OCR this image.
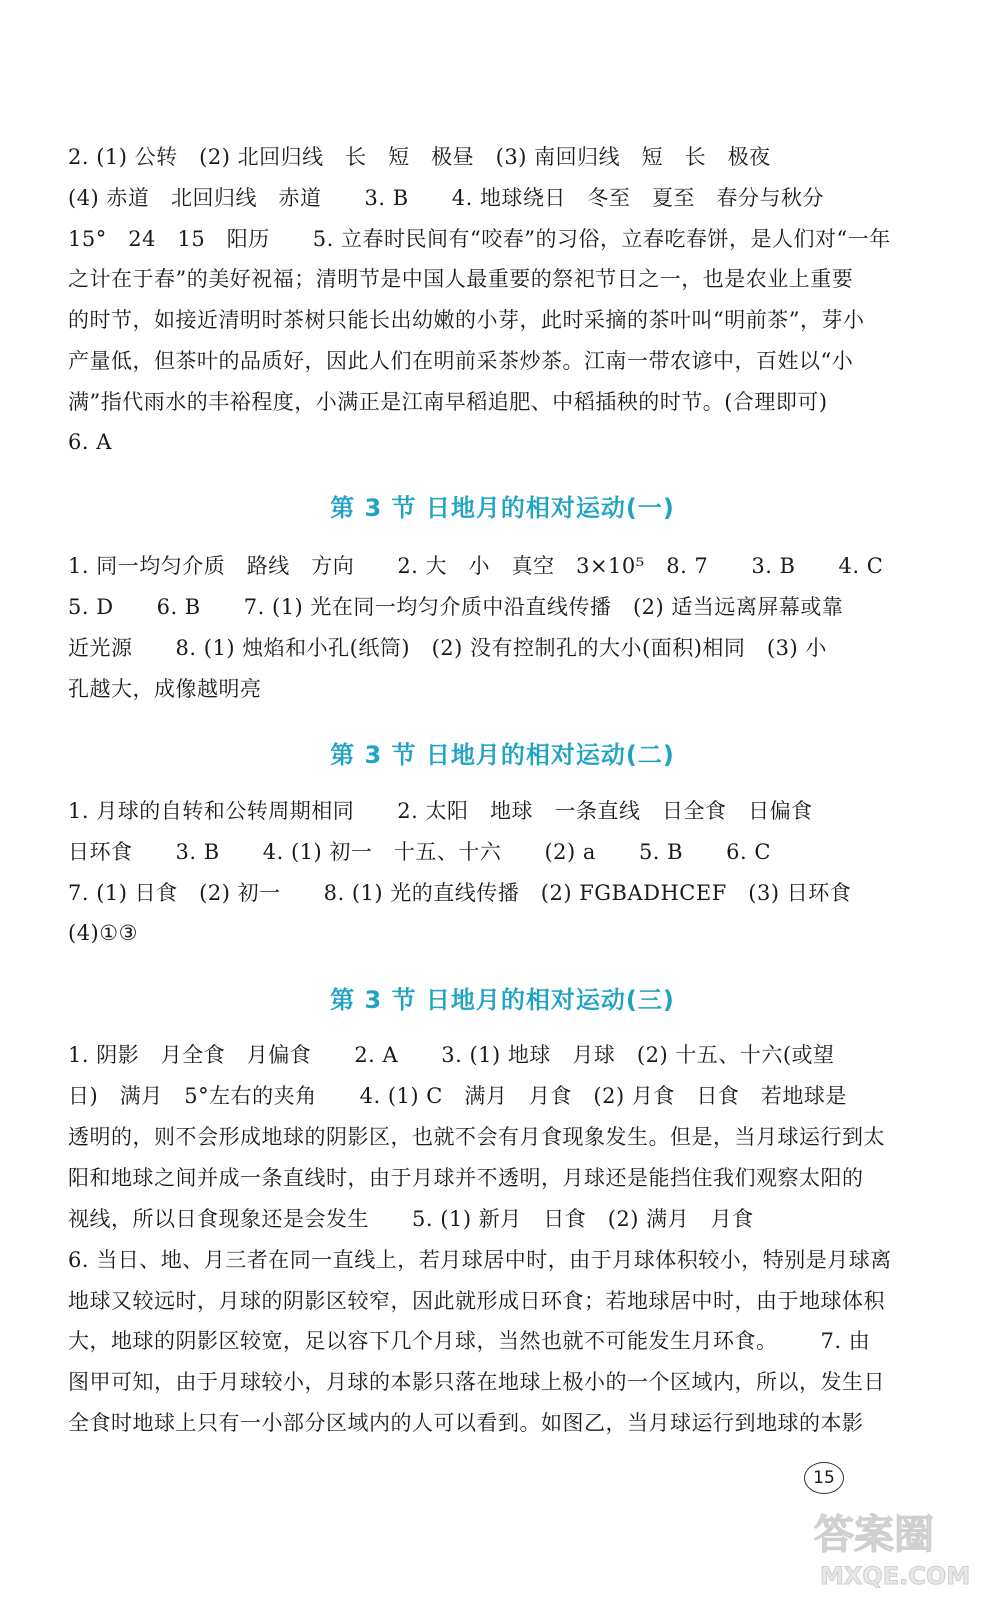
2. (1) 公转   (2) 北回归线   长   短   极昼   (3) 南回归线   短   长   极夜
(4) 赤道   北回归线   赤道      3. B      4. 地球绕日   冬至   夏至   春分与秋分
15°   24   15   阳历      5. 立春时民间有“咬春”的习俗，立春吃春饼，是人们对“一年
之计在于春”的美好祝福；清明节是中国人最重要的祭祀节日之一，也是农业上重要
的时节，如接近清明时茶树只能长出幼嫩的小芽，此时采摘的茶叶叫“明前茶”，芽小
产量低，但茶叶的品质好，因此人们在明前采茶炒茶。江南一带农谚中，百姓以“小
满”指代雨水的丰裕程度，小满正是江南早稻追肥、中稻插秧的时节。(合理即可)
6. A
第 3 节 日地月的相对运动(一)
1. 同一均匀介质   路线   方向      2. 大   小   真空   3×10⁵   8. 7      3. B      4. C
5. D      6. B      7. (1) 光在同一均匀介质中沿直线传播   (2) 适当远离屏幕或靠
近光源      8. (1) 烛焰和小孔(纸筒)   (2) 没有控制孔的大小(面积)相同   (3) 小
孔越大，成像越明亮
第 3 节 日地月的相对运动(二)
1. 月球的自转和公转周期相同      2. 太阳   地球   一条直线   日全食   日偏食
日环食      3. B      4. (1) 初一   十五、十六      (2) a      5. B      6. C
7. (1) 日食   (2) 初一      8. (1) 光的直线传播   (2) FGBADHCEF   (3) 日环食
(4)①③
第 3 节 日地月的相对运动(三)
1. 阴影   月全食   月偏食      2. A      3. (1) 地球   月球   (2) 十五、十六(或望
日)   满月   5°左右的夹角      4. (1) C   满月   月食   (2) 月食   日食   若地球是
透明的，则不会形成地球的阴影区，也就不会有月食现象发生。但是，当月球运行到太
阳和地球之间并成一条直线时，由于月球并不透明，月球还是能挡住我们观察太阳的
视线，所以日食现象还是会发生      5. (1) 新月   日食   (2) 满月   月食
6. 当日、地、月三者在同一直线上，若月球居中时，由于月球体积较小，特别是月球离
地球又较远时，月球的阴影区较窄，因此就形成日环食；若地球居中时，由于地球体积
大，地球的阴影区较宽，足以容下几个月球，当然也就不可能发生月环食。      7. 由
图甲可知，由于月球较小，月球的本影只落在地球上极小的一个区域内，所以，发生日
全食时地球上只有一小部分区域内的人可以看到。如图乙，当月球运行到地球的本影
15
答案圈
MXQE.COM
